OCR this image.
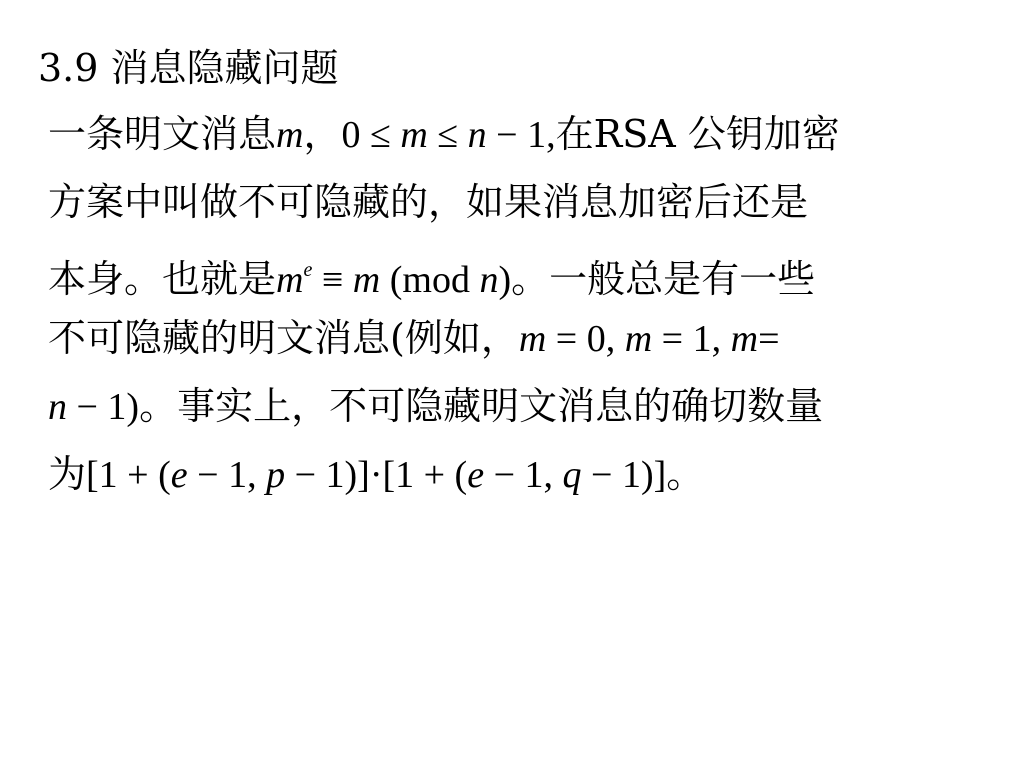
3.9 消息隐藏问题
一条明文消息m，0 ≤ m ≤ n − 1,在RSA 公钥加密
方案中叫做不可隐藏的，如果消息加密后还是
本身。也就是$m^e \equiv m$ (mod n)。一般总是有一些
不可隐藏的明文消息(例如，m = 0, m = 1, m=
n − 1)。事实上，不可隐藏明文消息的确切数量
为[1 + (e − 1, p − 1)]·[1 + (e − 1, q − 1)]。
